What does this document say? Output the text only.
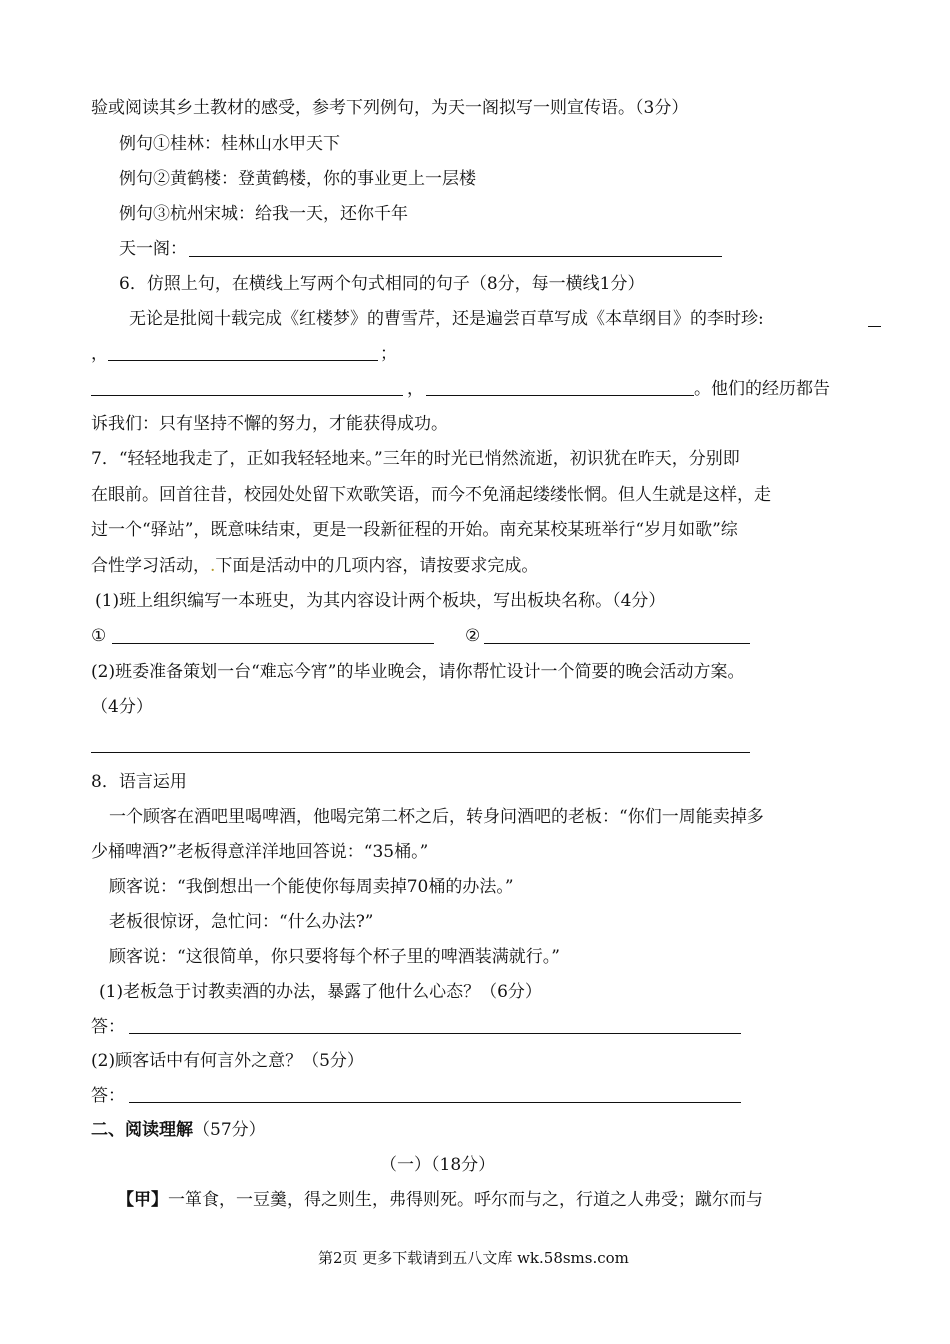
验或阅读其乡土教材的感受，参考下列例句，为天一阁拟写一则宣传语。（3分）
例句①桂林：桂林山水甲天下
例句②黄鹤楼：登黄鹤楼，你的事业更上一层楼
例句③杭州宋城：给我一天，还你千年
天一阁：
6．仿照上句，在横线上写两个句式相同的句子（8分，每一横线1分）
无论是批阅十载完成《红楼梦》的曹雪芹，还是遍尝百草写成《本草纲目》的李时珍:
，	；
，	。他们的经历都告
诉我们：只有坚持不懈的努力，才能获得成功。
7．“轻轻地我走了，正如我轻轻地来。”三年的时光已悄然流逝，初识犹在昨天，分别即
在眼前。回首往昔，校园处处留下欢歌笑语，而今不免涌起缕缕怅惘。但人生就是这样，走
过一个“驿站”，既意味结束，更是一段新征程的开始。南充某校某班举行“岁月如歌”综
合性学习活动，.下面是活动中的几项内容，请按要求完成。
(1)班上组织编写一本班史，为其内容设计两个板块，写出板块名称。（4分）
①	②
(2)班委准备策划一台“难忘今宵”的毕业晚会，请你帮忙设计一个简要的晚会活动方案。
（4分）
8．语言运用
一个顾客在酒吧里喝啤酒，他喝完第二杯之后，转身问酒吧的老板：“你们一周能卖掉多
少桶啤酒?”老板得意洋洋地回答说：“35桶。”
顾客说：“我倒想出一个能使你每周卖掉70桶的办法。”
老板很惊讶，急忙问：“什么办法?”
顾客说：“这很简单，你只要将每个杯子里的啤酒装满就行。”
(1)老板急于讨教卖酒的办法，暴露了他什么心态？（6分）
答：
(2)顾客话中有何言外之意？（5分）
答：
二、阅读理解（57分）
（一）（18分）
【甲】一箪食，一豆羹，得之则生，弗得则死。呼尔而与之，行道之人弗受；蹴尔而与
第2页 更多下载请到五八文库 wk.58sms.com
